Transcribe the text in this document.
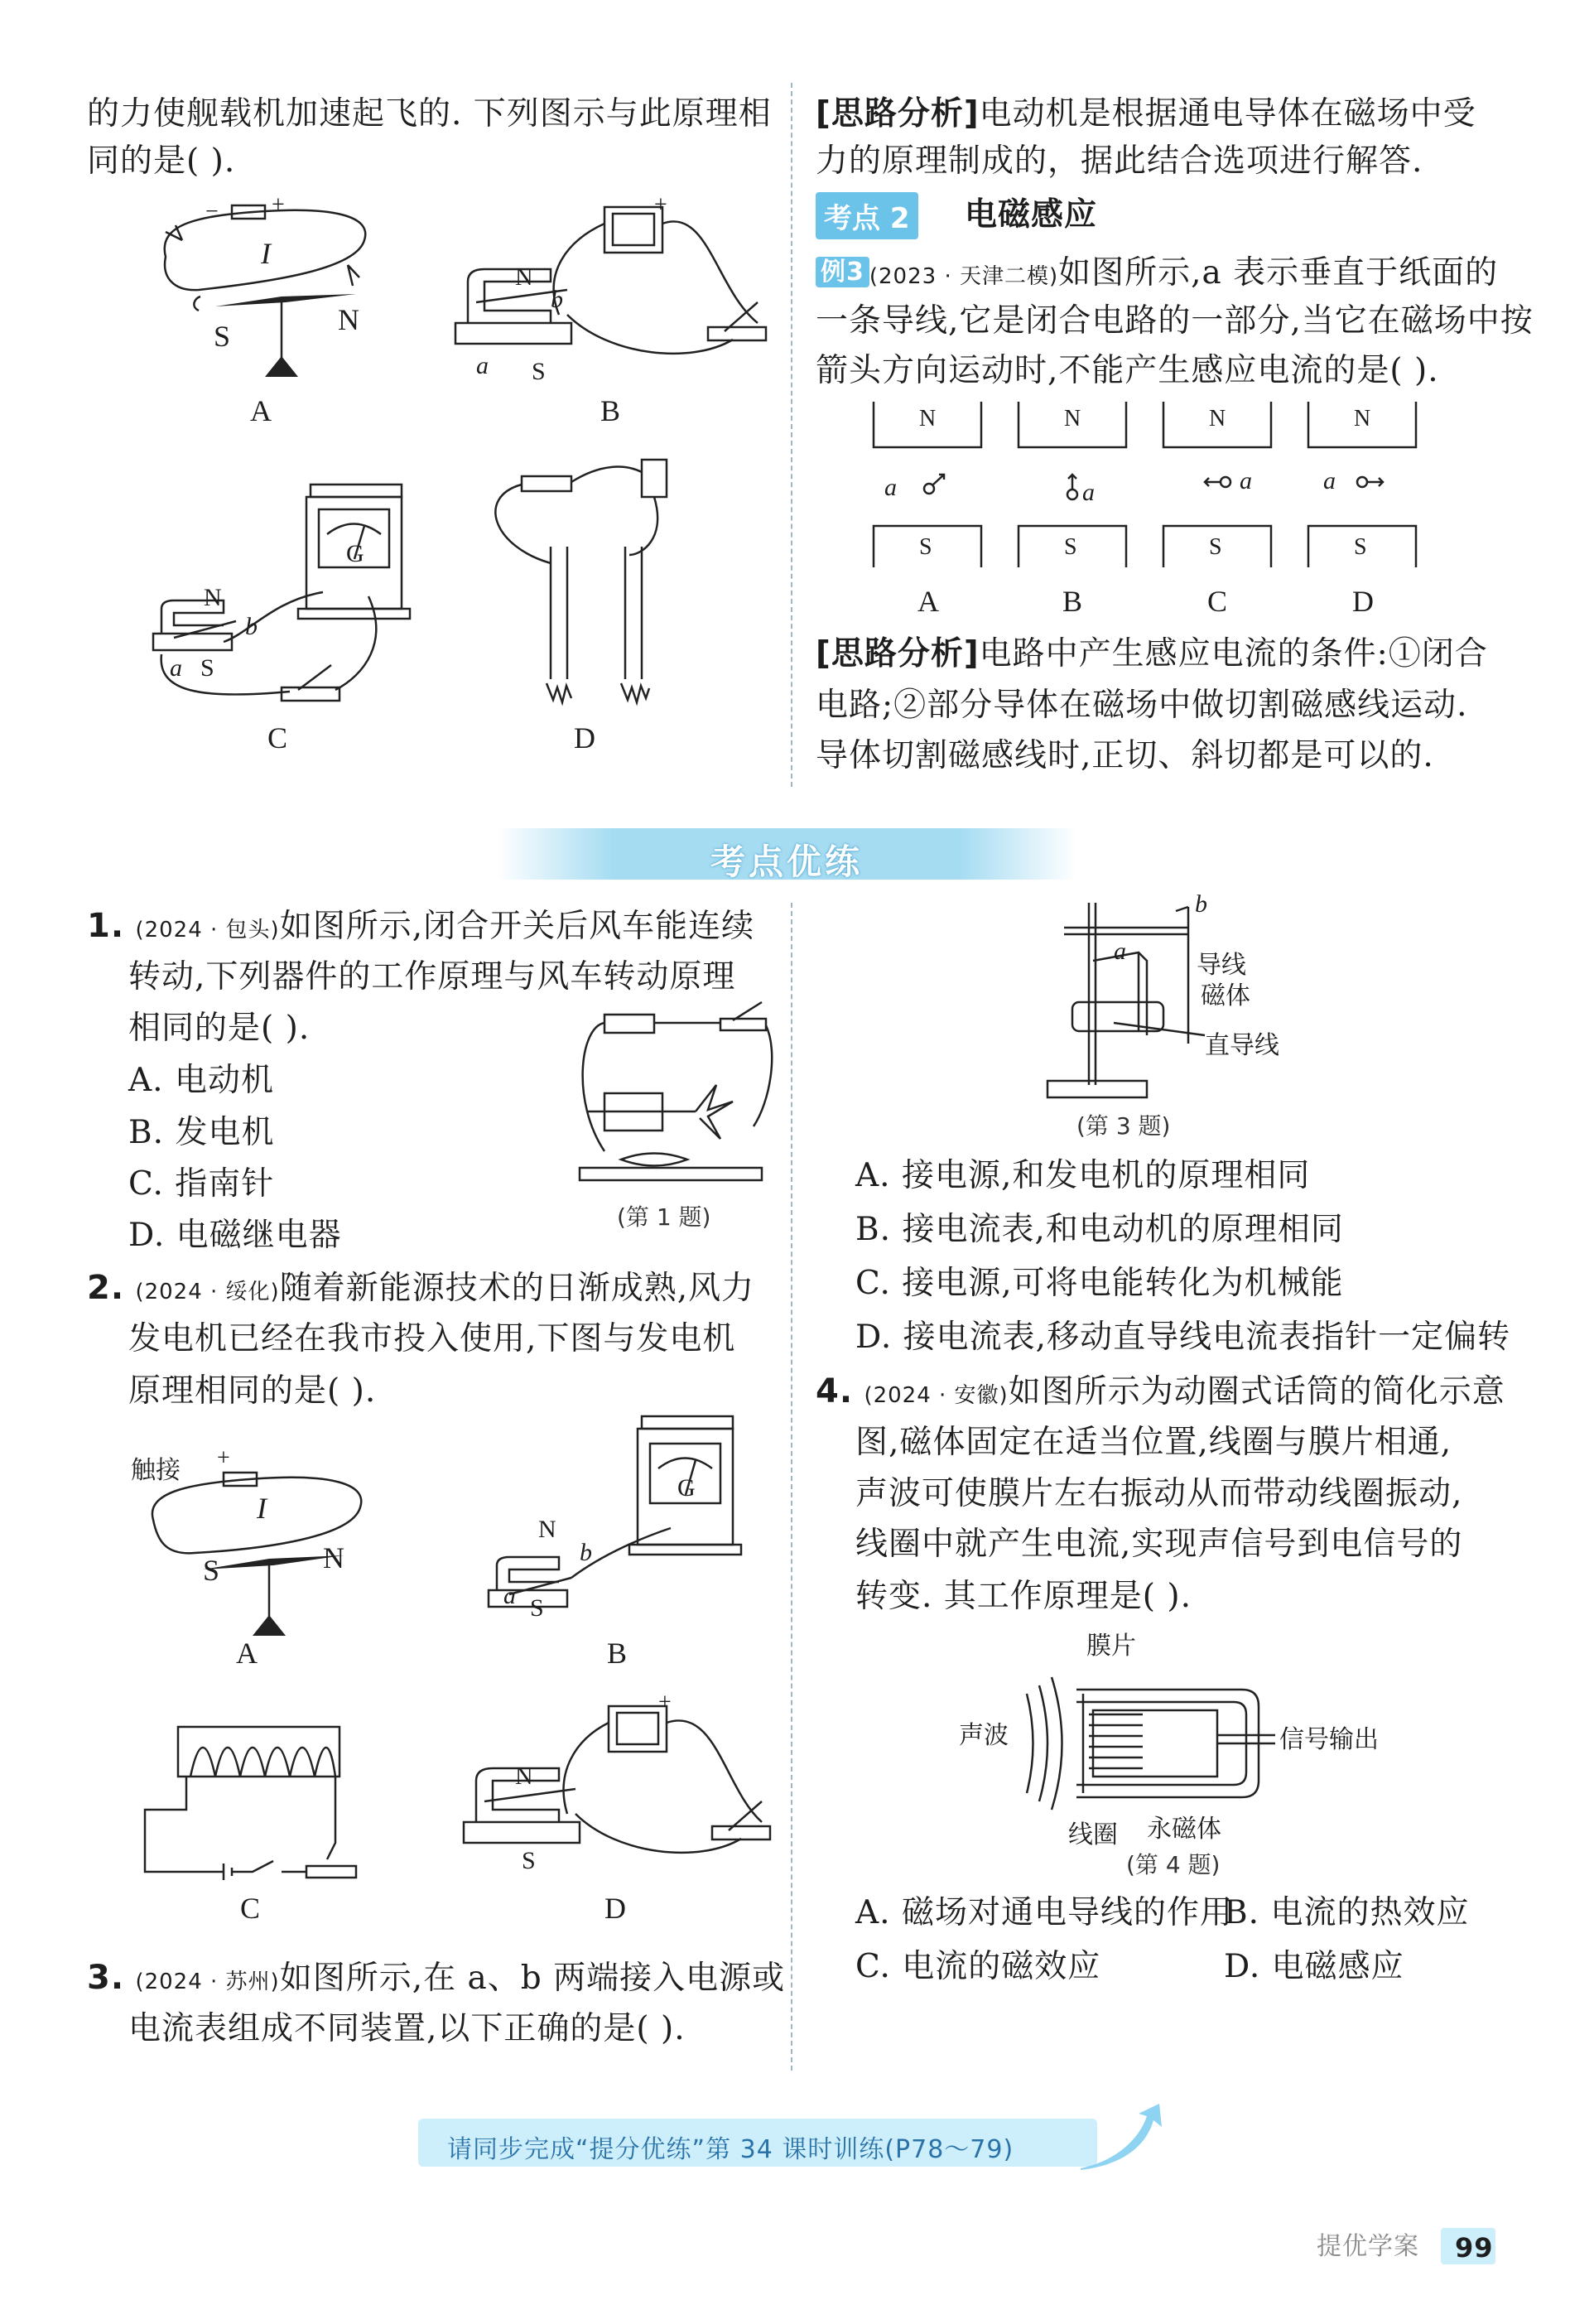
的力使舰载机加速起飞的. 下列图示与此原理相
同的是( ).
− +
I
S	N
A
+
N
b
a S
B
G
N
b
a S
C	D
[思路分析]电动机是根据通电导体在磁场中受
力的原理制成的，据此结合选项进行解答.
考点 2 电磁感应
例3 (2023 · 天津二模)如图所示,a 表示垂直于纸面的
一条导线,它是闭合电路的一部分,当它在磁场中按
箭头方向运动时,不能产生感应电流的是( ).
N
S
a
A
N
S
a
B
N
S
a
C
N
S
a
D
[思路分析]电路中产生感应电流的条件:①闭合
电路;②部分导体在磁场中做切割磁感线运动.
导体切割磁感线时,正切、斜切都是可以的.
考点优练
1. (2024 · 包头)如图所示,闭合开关后风车能连续
转动,下列器件的工作原理与风车转动原理
相同的是( ).
A. 电动机
B. 发电机
C. 指南针
D. 电磁继电器	(第 1 题)
2. (2024 · 绥化)随着新能源技术的日渐成熟,风力
发电机已经在我市投入使用,下图与发电机
原理相同的是( ).
触接 +
I
S	N
A
G
N
b
a S
B
C
+
N
S
D
3. (2024 · 苏州)如图所示,在 a、b 两端接入电源或
电流表组成不同装置,以下正确的是( ).
b
a
导线
磁体
直导线
(第 3 题)
A. 接电源,和发电机的原理相同
B. 接电流表,和电动机的原理相同
C. 接电源,可将电能转化为机械能
D. 接电流表,移动直导线电流表指针一定偏转
4. (2024 · 安徽)如图所示为动圈式话筒的简化示意
图,磁体固定在适当位置,线圈与膜片相通,
声波可使膜片左右振动从而带动线圈振动,
线圈中就产生电流,实现声信号到电信号的
转变. 其工作原理是( ).
膜片
声波	信号输出
线圈 永磁体
(第 4 题)
A. 磁场对通电导线的作用
B. 电流的热效应
C. 电流的磁效应	D. 电磁感应
请同步完成“提分优练”第 34 课时训练(P78～79)
提优学案 99
